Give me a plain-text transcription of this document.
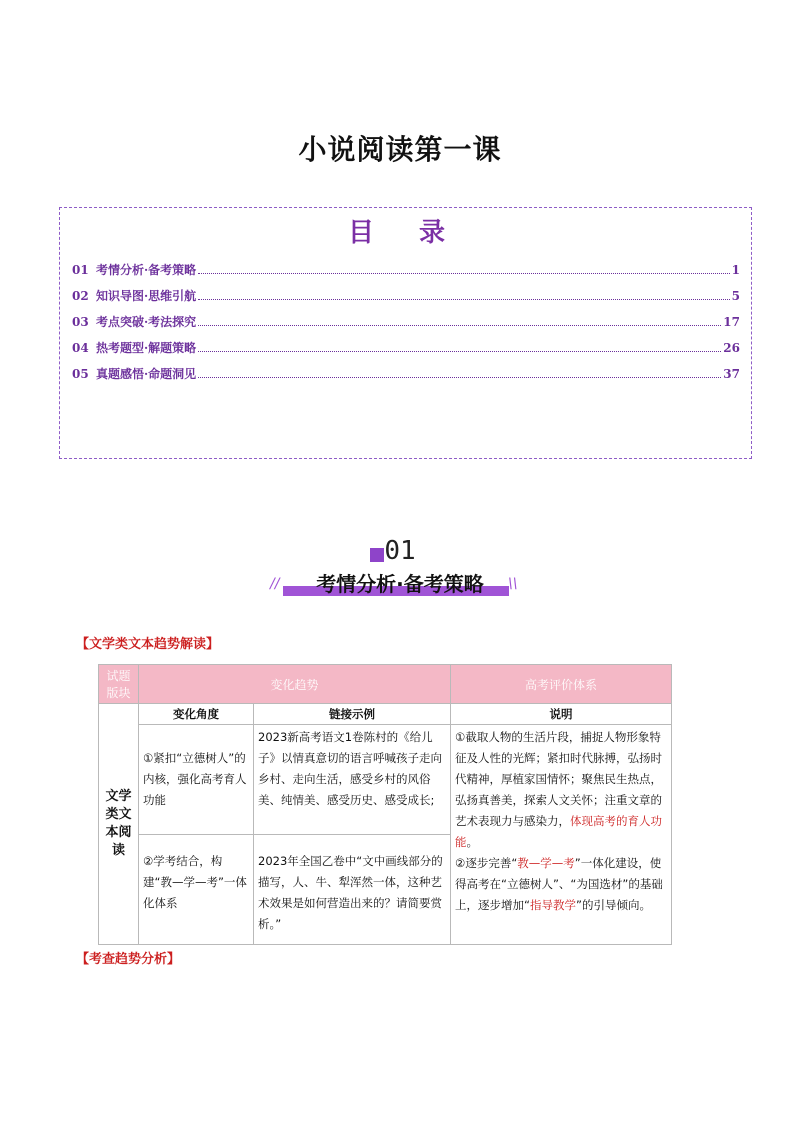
小说阅读第一课
目 录
01 考情分析·备考策略	1
02 知识导图·思维引航	5
03 考点突破·考法探究	17
04 热考题型·解题策略	26
05 真题感悟·命题洞见	37
01
考情分析·备考策略
//	\\
【文学类文本趋势解读】
试题版块	变化趋势		高考评价体系
文学类文本阅读	变化角度	链接示例	说明
	①紧扣“立德树人”的内核，强化高考育人功能	2023新高考语文1卷陈村的《给儿子》以情真意切的语言呼喊孩子走向乡村、走向生活，感受乡村的风俗美、纯情美、感受历史、感受成长;	①截取人物的生活片段，捕捉人物形象特征及人性的光辉；紧扣时代脉搏，弘扬时代精神，厚植家国情怀；聚焦民生热点，弘扬真善美，探索人文关怀；注重文章的艺术表现力与感染力，体现高考的育人功能。
②逐步完善“教—学—考”一体化建设，使得高考在“立德树人”、“为国选材”的基础上，逐步增加“指导教学”的引导倾向。
	②学考结合，构建“教—学—考”一体化体系	2023年全国乙卷中“文中画线部分的描写，人、牛、犁浑然一体，这种艺术效果是如何营造出来的？请简要赏析。”	
【考查趋势分析】
